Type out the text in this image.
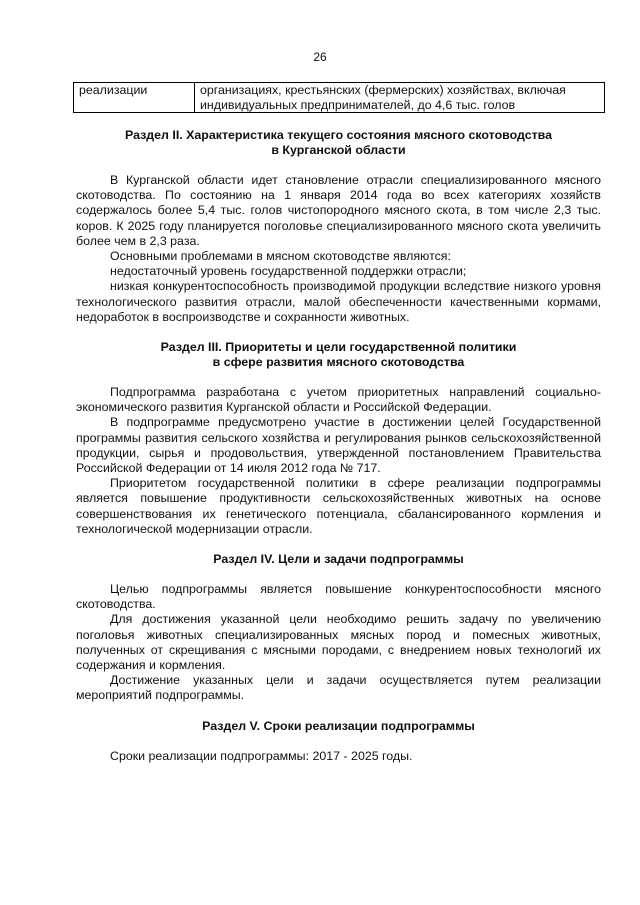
26
реализации	организациях, крестьянских (фермерских) хозяйствах, включая индивидуальных предпринимателей, до 4,6 тыс. голов
Раздел II. Характеристика текущего состояния мясного скотоводства
в Курганской области

В Курганской области идет становление отрасли специализированного мясного скотоводства. По состоянию на 1 января 2014 года во всех категориях хозяйств содержалось более 5,4 тыс. голов чистопородного мясного скота, в том числе 2,3 тыс. коров. К 2025 году планируется поголовье специализированного мясного скота увеличить более чем в 2,3 раза.

Основными проблемами в мясном скотоводстве являются:

недостаточный уровень государственной поддержки отрасли;

низкая конкурентоспособность производимой продукции вследствие низкого уровня технологического развития отрасли, малой обеспеченности качественными кормами, недоработок в воспроизводстве и сохранности животных.

Раздел III. Приоритеты и цели государственной политики
в сфере развития мясного скотоводства

Подпрограмма разработана с учетом приоритетных направлений социально-экономического развития Курганской области и Российской Федерации.

В подпрограмме предусмотрено участие в достижении целей Государственной программы развития сельского хозяйства и регулирования рынков сельскохозяйственной продукции, сырья и продовольствия, утвержденной постановлением Правительства Российской Федерации от 14 июля 2012 года № 717.

Приоритетом государственной политики в сфере реализации подпрограммы является повышение продуктивности сельскохозяйственных животных на основе совершенствования их генетического потенциала, сбалансированного кормления и технологической модернизации отрасли.

Раздел IV. Цели и задачи подпрограммы

Целью подпрограммы является повышение конкурентоспособности мясного скотоводства.

Для достижения указанной цели необходимо решить задачу по увеличению поголовья животных специализированных мясных пород и помесных животных, полученных от скрещивания с мясными породами, с внедрением новых технологий их содержания и кормления.

Достижение указанных цели и задачи осуществляется путем реализации мероприятий подпрограммы.

Раздел V. Сроки реализации подпрограммы

Сроки реализации подпрограммы: 2017 - 2025 годы.
